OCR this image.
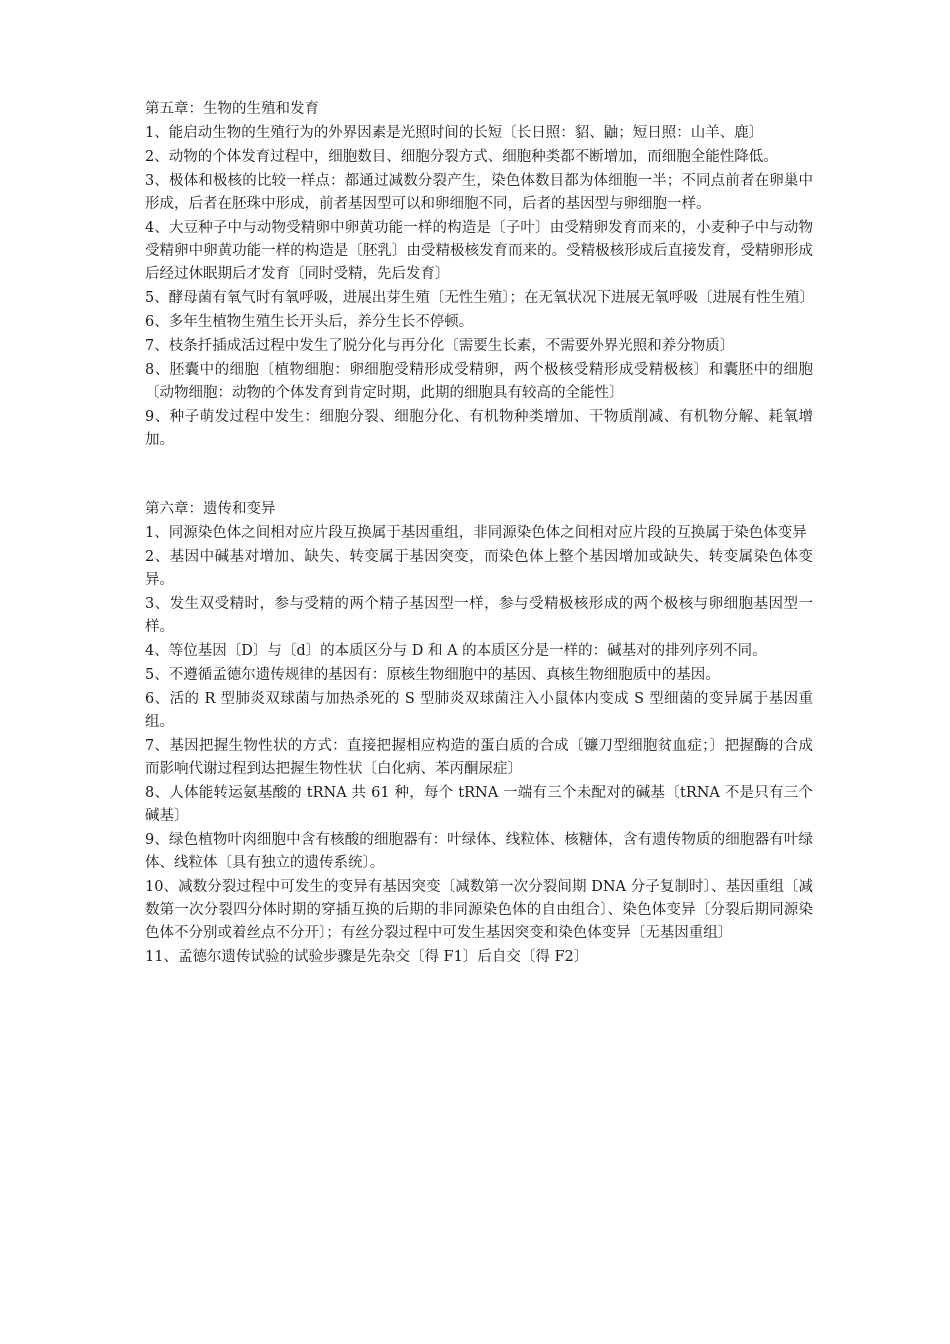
第五章：生物的生殖和发育

1、能启动生物的生殖行为的外界因素是光照时间的长短〔长日照：貂、鼬；短日照：山羊、鹿〕

2、动物的个体发育过程中，细胞数目、细胞分裂方式、细胞种类都不断增加，而细胞全能性降低。

3、极体和极核的比较一样点：都通过减数分裂产生，染色体数目都为体细胞一半；不同点前者在卵巢中形成，后者在胚珠中形成，前者基因型可以和卵细胞不同，后者的基因型与卵细胞一样。

4、大豆种子中与动物受精卵中卵黄功能一样的构造是〔子叶〕由受精卵发育而来的，小麦种子中与动物受精卵中卵黄功能一样的构造是〔胚乳〕由受精极核发育而来的。受精极核形成后直接发育，受精卵形成后经过休眠期后才发育〔同时受精，先后发育〕

5、酵母菌有氧气时有氧呼吸，进展出芽生殖〔无性生殖〕；在无氧状况下进展无氧呼吸〔进展有性生殖〕

6、多年生植物生殖生长开头后，养分生长不停顿。

7、枝条扦插成活过程中发生了脱分化与再分化〔需要生长素，不需要外界光照和养分物质〕

8、胚囊中的细胞〔植物细胞：卵细胞受精形成受精卵，两个极核受精形成受精极核〕和囊胚中的细胞〔动物细胞：动物的个体发育到肯定时期，此期的细胞具有较高的全能性〕

9、种子萌发过程中发生：细胞分裂、细胞分化、有机物种类增加、干物质削减、有机物分解、耗氧增加。

第六章：遗传和变异

1、同源染色体之间相对应片段互换属于基因重组，非同源染色体之间相对应片段的互换属于染色体变异

2、基因中碱基对增加、缺失、转变属于基因突变，而染色体上整个基因增加或缺失、转变属染色体变异。

3、发生双受精时，参与受精的两个精子基因型一样，参与受精极核形成的两个极核与卵细胞基因型一样。

4、等位基因〔D〕与〔d〕的本质区分与 D 和 A 的本质区分是一样的：碱基对的排列序列不同。

5、不遵循孟德尔遗传规律的基因有：原核生物细胞中的基因、真核生物细胞质中的基因。

6、活的 R 型肺炎双球菌与加热杀死的 S 型肺炎双球菌注入小鼠体内变成 S 型细菌的变异属于基因重组。

7、基因把握生物性状的方式：直接把握相应构造的蛋白质的合成〔镰刀型细胞贫血症；〕把握酶的合成而影响代谢过程到达把握生物性状〔白化病、苯丙酮尿症〕

8、人体能转运氨基酸的 tRNA 共 61 种，每个 tRNA 一端有三个未配对的碱基〔tRNA 不是只有三个碱基〕

9、绿色植物叶肉细胞中含有核酸的细胞器有：叶绿体、线粒体、核糖体，含有遗传物质的细胞器有叶绿体、线粒体〔具有独立的遗传系统〕。

10、减数分裂过程中可发生的变异有基因突变〔减数第一次分裂间期 DNA 分子复制时〕、基因重组〔减数第一次分裂四分体时期的穿插互换的后期的非同源染色体的自由组合〕、染色体变异〔分裂后期同源染色体不分别或着丝点不分开〕；有丝分裂过程中可发生基因突变和染色体变异〔无基因重组〕

11、孟德尔遗传试验的试验步骤是先杂交〔得 F1〕后自交〔得 F2〕
